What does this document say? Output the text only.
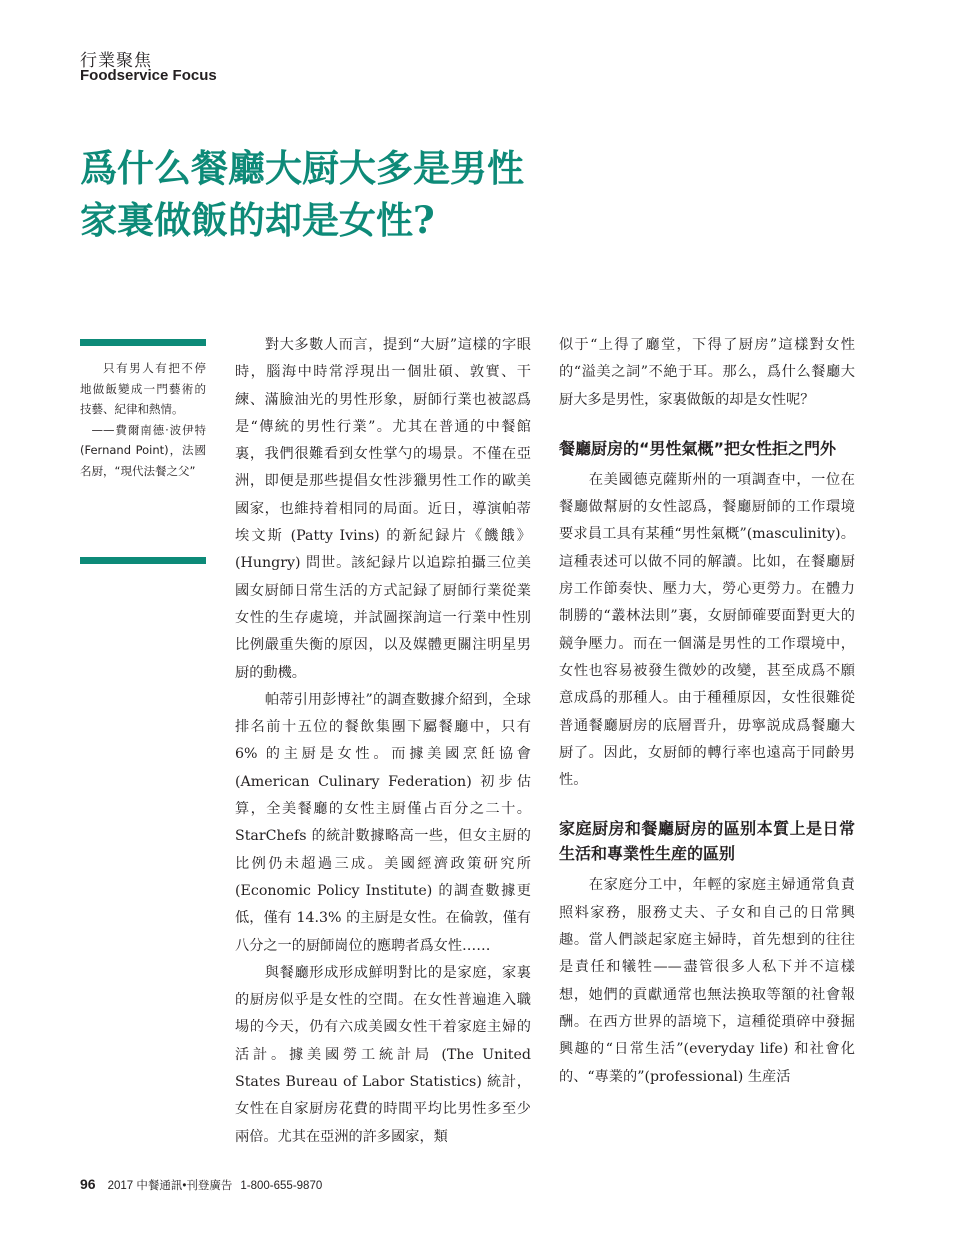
行業聚焦
Foodservice Focus
爲什么餐廳大厨大多是男性
家裏做飯的却是女性?

只有男人有把不停地做飯變成一門藝術的技藝、紀律和熱情。

——費爾南德·波伊特 (Fernand Point)，法國名厨，“現代法餐之父”

對大多數人而言，提到“大厨”這樣的字眼時，腦海中時常浮現出一個壯碩、敦實、干練、滿臉油光的男性形象，厨師行業也被認爲是“傳統的男性行業”。尤其在普通的中餐館裏，我們很難看到女性掌勺的場景。不僅在亞洲，即便是那些提倡女性涉獵男性工作的歐美國家，也維持着相同的局面。近日，導演帕蒂 埃文斯 (Patty Ivins) 的新紀録片《饑餓》(Hungry) 問世。該紀録片以追踪拍攝三位美國女厨師日常生活的方式記録了厨師行業從業女性的生存處境，并試圖探詢這一行業中性別比例嚴重失衡的原因，以及媒體更關注明星男厨的動機。

帕蒂引用彭博社”的調查數據介紹到，全球排名前十五位的餐飲集團下屬餐廳中，只有 6% 的主厨是女性。而據美國烹飪協會 (American Culinary Federation) 初步估算，全美餐廳的女性主厨僅占百分之二十。StarChefs 的統計數據略高一些，但女主厨的比例仍未超過三成。美國經濟政策研究所 (Economic Policy Institute) 的調查數據更低，僅有 14.3% 的主厨是女性。在倫敦，僅有八分之一的厨師崗位的應聘者爲女性……

與餐廳形成形成鮮明對比的是家庭，家裏的厨房似乎是女性的空間。在女性普遍進入職場的今天，仍有六成美國女性干着家庭主婦的活計。據美國勞工統計局 (The United States Bureau of Labor Statistics) 統計，女性在自家厨房花費的時間平均比男性多至少兩倍。尤其在亞洲的許多國家，類

似于“上得了廳堂，下得了厨房”這樣對女性的“溢美之詞”不絶于耳。那么，爲什么餐廳大厨大多是男性，家裏做飯的却是女性呢？

餐廳厨房的“男性氣概”把女性拒之門外

在美國德克薩斯州的一項調查中，一位在餐廳做幫厨的女性認爲，餐廳厨師的工作環境要求員工具有某種“男性氣概”(masculinity)。這種表述可以做不同的解讀。比如，在餐廳厨房工作節奏快、壓力大，勞心更勞力。在體力制勝的“叢林法則”裏，女厨師確要面對更大的競争壓力。而在一個滿是男性的工作環境中，女性也容易被發生微妙的改變，甚至成爲不願意成爲的那種人。由于種種原因，女性很難從普通餐廳厨房的底層晋升，毋寧説成爲餐廳大厨了。因此，女厨師的轉行率也遠高于同齡男性。

家庭厨房和餐廳厨房的區别本質上是日常生活和專業性生産的區别

在家庭分工中，年輕的家庭主婦通常負責照料家務，服務丈夫、子女和自己的日常興趣。當人們談起家庭主婦時，首先想到的往往是責任和犧牲——盡管很多人私下并不這樣想，她們的貢獻通常也無法换取等額的社會報酬。在西方世界的語境下，這種從瑣碎中發掘興趣的“日常生活”(everyday life) 和社會化的、“專業的”(professional) 生産活

96 2017 中餐通訊•刊登廣告 1-800-655-9870
